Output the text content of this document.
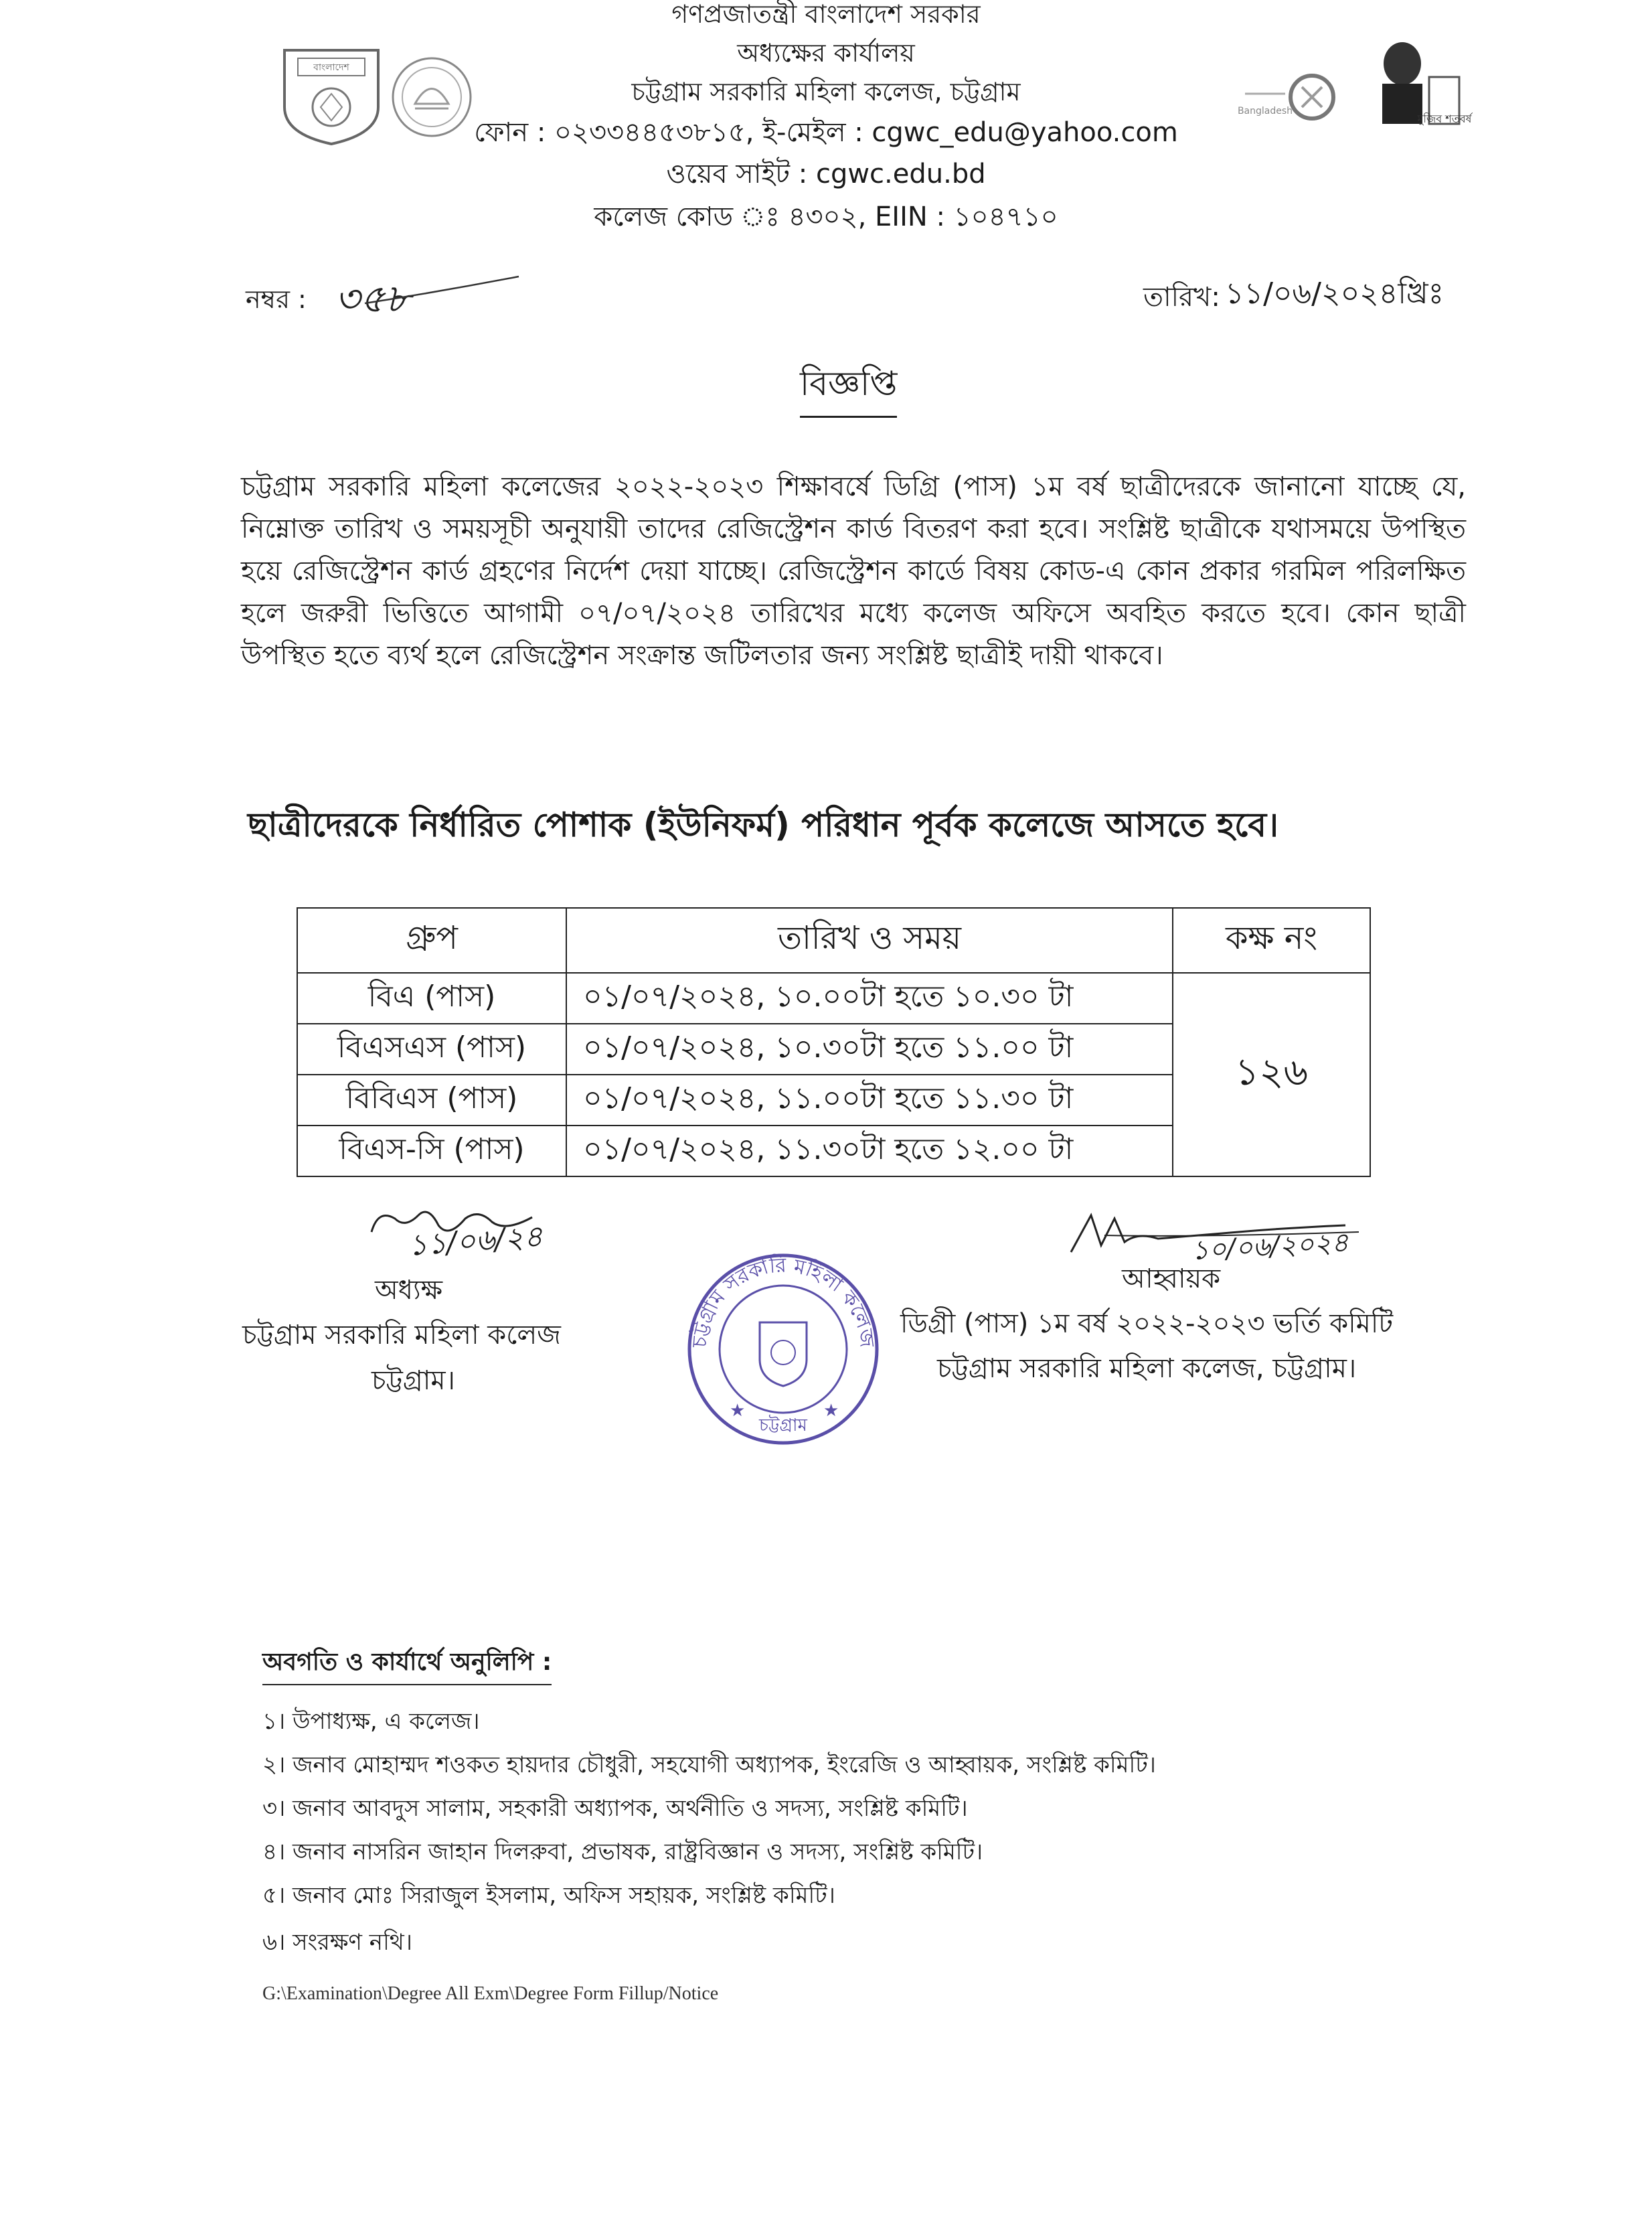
গণপ্রজাতন্ত্রী বাংলাদেশ সরকার
অধ্যক্ষের কার্যালয়
চট্টগ্রাম সরকারি মহিলা কলেজ, চট্টগ্রাম
ফোন : ০২৩৩৪৪৫৩৮১৫, ই-মেইল : cgwc_edu@yahoo.com
ওয়েব সাইট : cgwc.edu.bd
কলেজ কোড ঃ ৪৩০২, EIIN : ১০৪৭১০
বাংলাদেশ
Bangladesh
মুজিব শতবর্ষ
নম্বর : ৩৫৮	তারিখ: ১১/০৬/২০২৪খ্রিঃ
বিজ্ঞপ্তি
চট্টগ্রাম সরকারি মহিলা কলেজের ২০২২-২০২৩ শিক্ষাবর্ষে ডিগ্রি (পাস) ১ম বর্ষ ছাত্রীদেরকে জানানো যাচ্ছে যে, নিম্নোক্ত তারিখ ও সময়সূচী অনুযায়ী তাদের রেজিস্ট্রেশন কার্ড বিতরণ করা হবে। সংশ্লিষ্ট ছাত্রীকে যথাসময়ে উপস্থিত হয়ে রেজিস্ট্রেশন কার্ড গ্রহণের নির্দেশ দেয়া যাচ্ছে। রেজিস্ট্রেশন কার্ডে বিষয় কোড-এ কোন প্রকার গরমিল পরিলক্ষিত হলে জরুরী ভিত্তিতে আগামী ০৭/০৭/২০২৪ তারিখের মধ্যে কলেজ অফিসে অবহিত করতে হবে। কোন ছাত্রী উপস্থিত হতে ব্যর্থ হলে রেজিস্ট্রেশন সংক্রান্ত জটিলতার জন্য সংশ্লিষ্ট ছাত্রীই দায়ী থাকবে।
ছাত্রীদেরকে নির্ধারিত পোশাক (ইউনিফর্ম) পরিধান পূর্বক কলেজে আসতে হবে।
গ্রুপ	তারিখ ও সময়	কক্ষ নং
বিএ (পাস)	০১/০৭/২০২৪, ১০.০০টা হতে ১০.৩০ টা	১২৬
বিএসএস (পাস)	০১/০৭/২০২৪, ১০.৩০টা হতে ১১.০০ টা	
বিবিএস (পাস)	০১/০৭/২০২৪, ১১.০০টা হতে ১১.৩০ টা	
বিএস-সি (পাস)	০১/০৭/২০২৪, ১১.৩০টা হতে ১২.০০ টা	
১১/০৬/২৪
অধ্যক্ষ
চট্টগ্রাম সরকারি মহিলা কলেজ
চট্টগ্রাম।
চট্টগ্রাম সরকারি মহিলা কলেজ
★	★
চট্টগ্রাম
১০/০৬/২০২৪
আহ্বায়ক
ডিগ্রী (পাস) ১ম বর্ষ ২০২২-২০২৩ ভর্তি কমিটি
চট্টগ্রাম সরকারি মহিলা কলেজ, চট্টগ্রাম।
অবগতি ও কার্যার্থে অনুলিপি :
১। উপাধ্যক্ষ, এ কলেজ।
২। জনাব মোহাম্মদ শওকত হায়দার চৌধুরী, সহযোগী অধ্যাপক, ইংরেজি ও আহ্বায়ক, সংশ্লিষ্ট কমিটি।
৩। জনাব আবদুস সালাম, সহকারী অধ্যাপক, অর্থনীতি ও সদস্য, সংশ্লিষ্ট কমিটি।
৪। জনাব নাসরিন জাহান দিলরুবা, প্রভাষক, রাষ্ট্রবিজ্ঞান ও সদস্য, সংশ্লিষ্ট কমিটি।
৫। জনাব মোঃ সিরাজুল ইসলাম, অফিস সহায়ক, সংশ্লিষ্ট কমিটি।
৬। সংরক্ষণ নথি।
G:\Examination\Degree All Exm\Degree Form Fillup/Notice
